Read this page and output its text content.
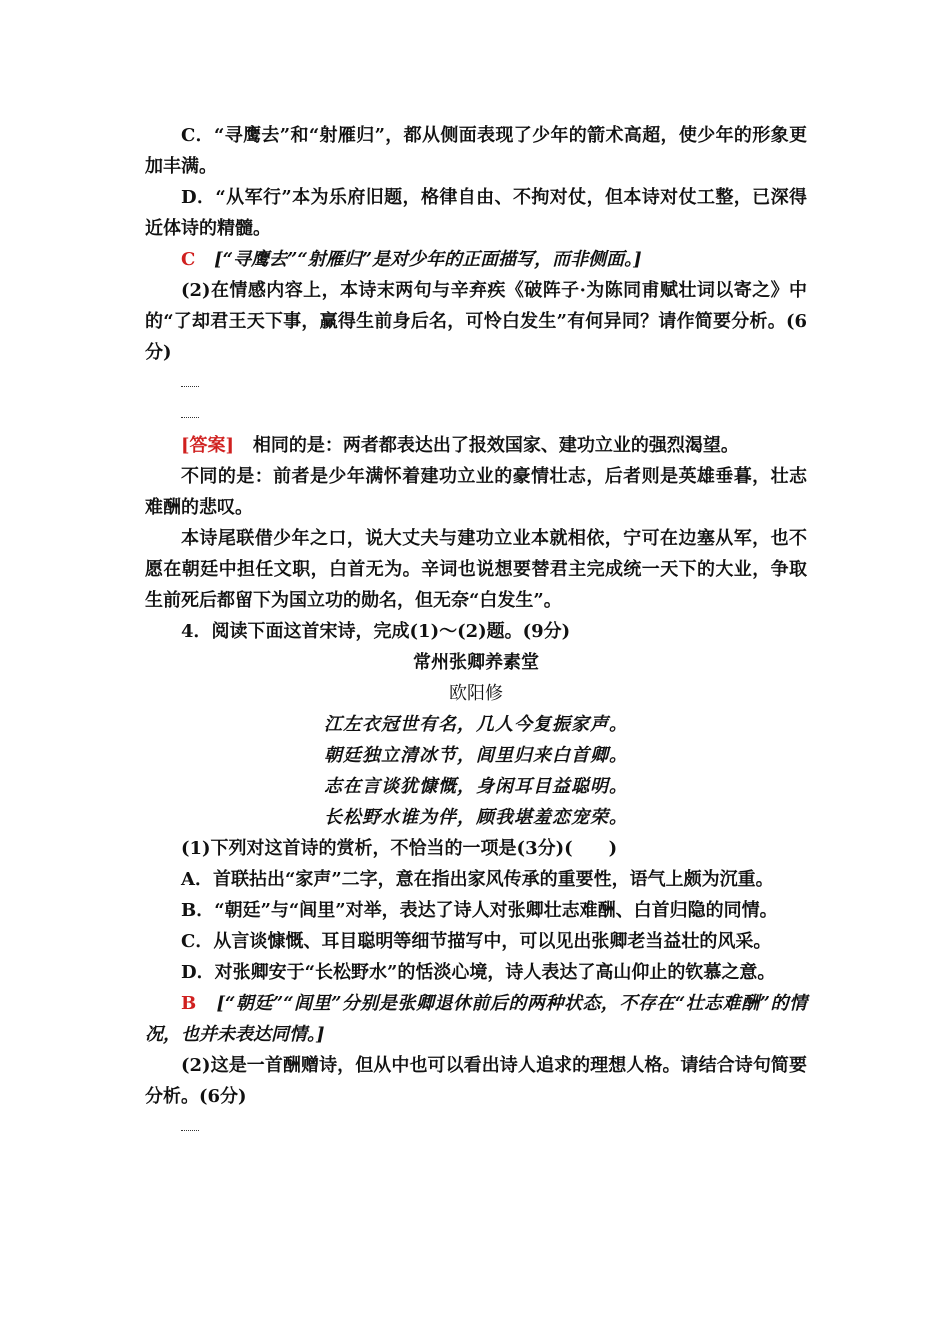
C．“寻鹰去”和“射雁归”，都从侧面表现了少年的箭术高超，使少年的形象更加丰满。

D．“从军行”本为乐府旧题，格律自由、不拘对仗，但本诗对仗工整，已深得近体诗的精髓。

C [“寻鹰去”“射雁归”是对少年的正面描写，而非侧面。]

(2)在情感内容上，本诗末两句与辛弃疾《破阵子·为陈同甫赋壮词以寄之》中的“了却君王天下事，赢得生前身后名，可怜白发生”有何异同？请作简要分析。(6分)

[答案] 相同的是：两者都表达出了报效国家、建功立业的强烈渴望。

不同的是：前者是少年满怀着建功立业的豪情壮志，后者则是英雄垂暮，壮志难酬的悲叹。

本诗尾联借少年之口，说大丈夫与建功立业本就相依，宁可在边塞从军，也不愿在朝廷中担任文职，白首无为。辛词也说想要替君主完成统一天下的大业，争取生前死后都留下为国立功的勋名，但无奈“白发生”。

4．阅读下面这首宋诗，完成(1)～(2)题。(9分)

常州张卿养素堂

欧阳修

江左衣冠世有名，几人今复振家声。

朝廷独立清冰节，闾里归来白首卿。

志在言谈犹慷慨，身闲耳目益聪明。

长松野水谁为伴，顾我堪羞恋宠荣。

(1)下列对这首诗的赏析，不恰当的一项是(3分)(　　)

A．首联拈出“家声”二字，意在指出家风传承的重要性，语气上颇为沉重。

B．“朝廷”与“闾里”对举，表达了诗人对张卿壮志难酬、白首归隐的同情。

C．从言谈慷慨、耳目聪明等细节描写中，可以见出张卿老当益壮的风采。

D．对张卿安于“长松野水”的恬淡心境，诗人表达了高山仰止的钦慕之意。

B [“朝廷”“闾里”分别是张卿退休前后的两种状态，不存在“壮志难酬”的情况，也并未表达同情。]

(2)这是一首酬赠诗，但从中也可以看出诗人追求的理想人格。请结合诗句简要分析。(6分)
